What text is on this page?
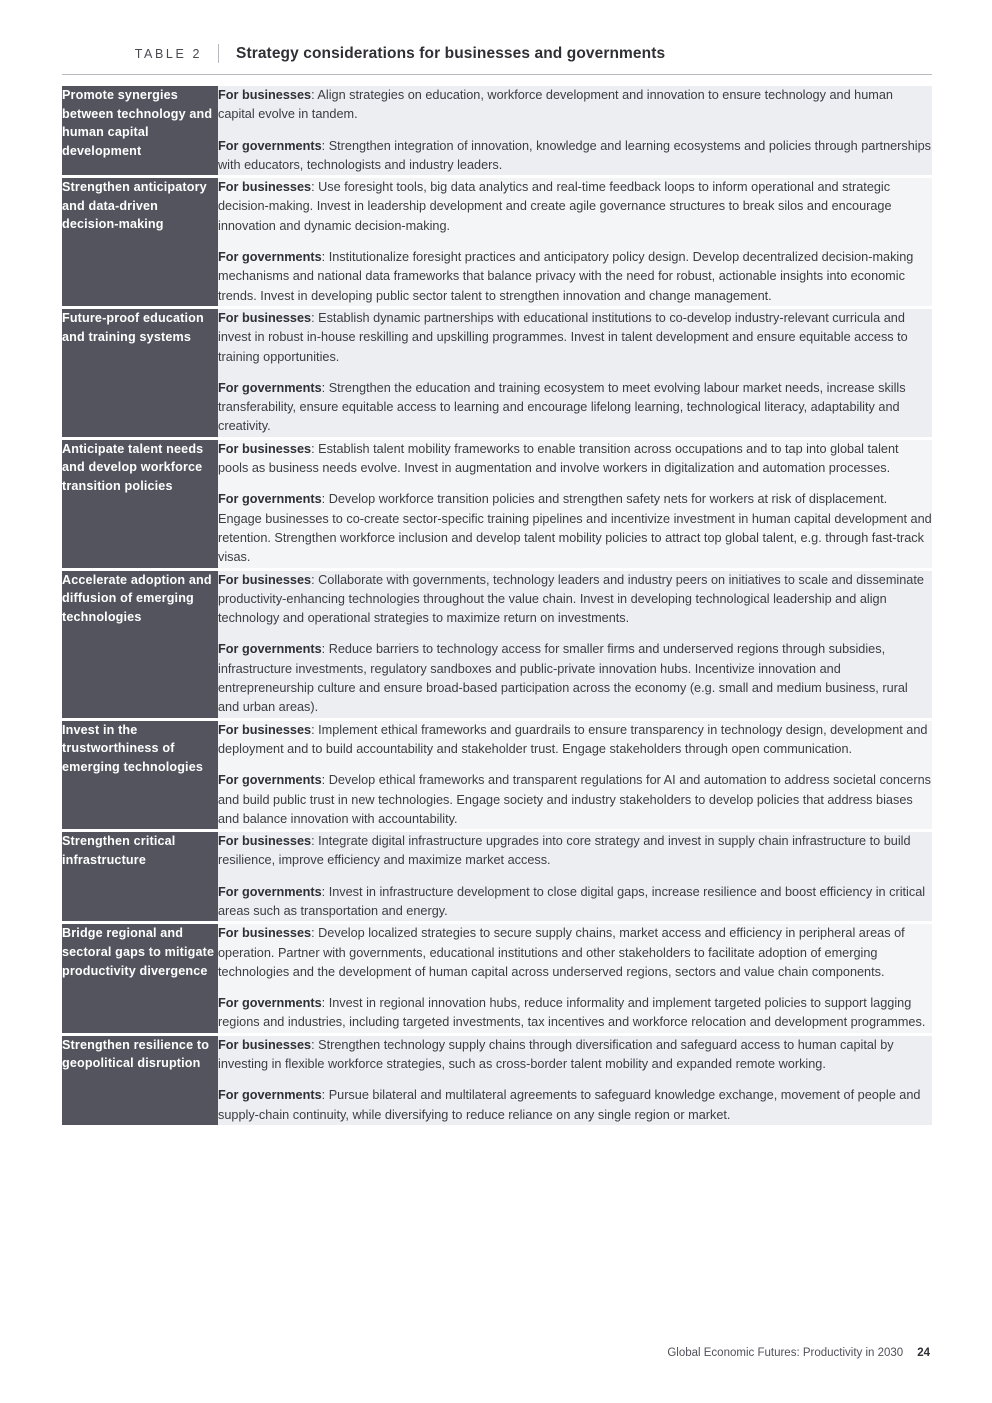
TABLE 2	Strategy considerations for businesses and governments
Promote synergies between technology and human capital development	For businesses: Align strategies on education, workforce development and innovation to ensure technology and human capital evolve in tandem.

For governments: Strengthen integration of innovation, knowledge and learning ecosystems and policies through partnerships with educators, technologists and industry leaders.

Strengthen anticipatory and data-driven decision-making	For businesses: Use foresight tools, big data analytics and real-time feedback loops to inform operational and strategic decision-making. Invest in leadership development and create agile governance structures to break silos and encourage innovation and dynamic decision-making.

For governments: Institutionalize foresight practices and anticipatory policy design. Develop decentralized decision-making mechanisms and national data frameworks that balance privacy with the need for robust, actionable insights into economic trends. Invest in developing public sector talent to strengthen innovation and change management.

Future-proof education and training systems	For businesses: Establish dynamic partnerships with educational institutions to co-develop industry-relevant curricula and invest in robust in-house reskilling and upskilling programmes. Invest in talent development and ensure equitable access to training opportunities.

For governments: Strengthen the education and training ecosystem to meet evolving labour market needs, increase skills transferability, ensure equitable access to learning and encourage lifelong learning, technological literacy, adaptability and creativity.

Anticipate talent needs and develop workforce transition policies	For businesses: Establish talent mobility frameworks to enable transition across occupations and to tap into global talent pools as business needs evolve. Invest in augmentation and involve workers in digitalization and automation processes.

For governments: Develop workforce transition policies and strengthen safety nets for workers at risk of displacement. Engage businesses to co-create sector-specific training pipelines and incentivize investment in human capital development and retention. Strengthen workforce inclusion and develop talent mobility policies to attract top global talent, e.g. through fast-track visas.

Accelerate adoption and diffusion of emerging technologies	For businesses: Collaborate with governments, technology leaders and industry peers on initiatives to scale and disseminate productivity-enhancing technologies throughout the value chain. Invest in developing technological leadership and align technology and operational strategies to maximize return on investments.

For governments: Reduce barriers to technology access for smaller firms and underserved regions through subsidies, infrastructure investments, regulatory sandboxes and public-private innovation hubs. Incentivize innovation and entrepreneurship culture and ensure broad-based participation across the economy (e.g. small and medium business, rural and urban areas).

Invest in the trustworthiness of emerging technologies	For businesses: Implement ethical frameworks and guardrails to ensure transparency in technology design, development and deployment and to build accountability and stakeholder trust. Engage stakeholders through open communication.

For governments: Develop ethical frameworks and transparent regulations for AI and automation to address societal concerns and build public trust in new technologies. Engage society and industry stakeholders to develop policies that address biases and balance innovation with accountability.

Strengthen critical infrastructure	For businesses: Integrate digital infrastructure upgrades into core strategy and invest in supply chain infrastructure to build resilience, improve efficiency and maximize market access.

For governments: Invest in infrastructure development to close digital gaps, increase resilience and boost efficiency in critical areas such as transportation and energy.

Bridge regional and sectoral gaps to mitigate productivity divergence	For businesses: Develop localized strategies to secure supply chains, market access and efficiency in peripheral areas of operation. Partner with governments, educational institutions and other stakeholders to facilitate adoption of emerging technologies and the development of human capital across underserved regions, sectors and value chain components.

For governments: Invest in regional innovation hubs, reduce informality and implement targeted policies to support lagging regions and industries, including targeted investments, tax incentives and workforce relocation and development programmes.

Strengthen resilience to geopolitical disruption	For businesses: Strengthen technology supply chains through diversification and safeguard access to human capital by investing in flexible workforce strategies, such as cross-border talent mobility and expanded remote working.

For governments: Pursue bilateral and multilateral agreements to safeguard knowledge exchange, movement of people and supply-chain continuity, while diversifying to reduce reliance on any single region or market.

Global Economic Futures: Productivity in 2030 24
